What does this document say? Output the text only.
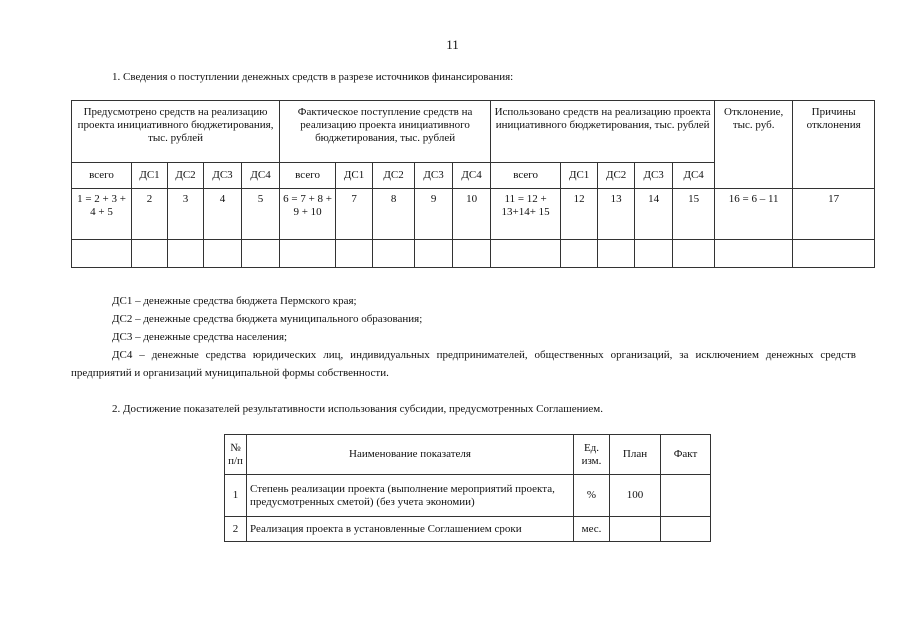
11
1. Сведения о поступлении денежных средств в разрезе источников финансирования:
Предусмотрено средств на реализацию проекта инициативного бюджетирования, тыс. рублей					Фактическое поступление средств на реализацию проекта инициативного бюджетирования, тыс. рублей					Использовано средств на реализацию проекта инициативного бюджетирования, тыс. рублей					Отклонение, тыс. руб.	Причины отклонения
всего	ДС1	ДС2	ДС3	ДС4	всего	ДС1	ДС2	ДС3	ДС4	всего	ДС1	ДС2	ДС3	ДС4		
1 = 2 + 3 + 4 + 5	2	3	4	5	6 = 7 + 8 + 9 + 10	7	8	9	10	11 = 12 + 13+14+ 15	12	13	14	15	16 = 6 – 11	17

ДС1 – денежные средства бюджета Пермского края;

ДС2 – денежные средства бюджета муниципального образования;

ДС3 – денежные средства населения;

ДС4 – денежные средства юридических лиц, индивидуальных предпринимателей, общественных организаций, за исключением денежных средств предприятий и организаций муниципальной формы собственности.

2. Достижение показателей результативности использования субсидии, предусмотренных Соглашением.
№ п/п	Наименование показателя	Ед. изм.	План	Факт
1	Степень реализации проекта (выполнение мероприятий проекта, предусмотренных сметой) (без учета экономии)	%	100	
2	Реализация проекта в установленные Соглашением сроки	мес.		
